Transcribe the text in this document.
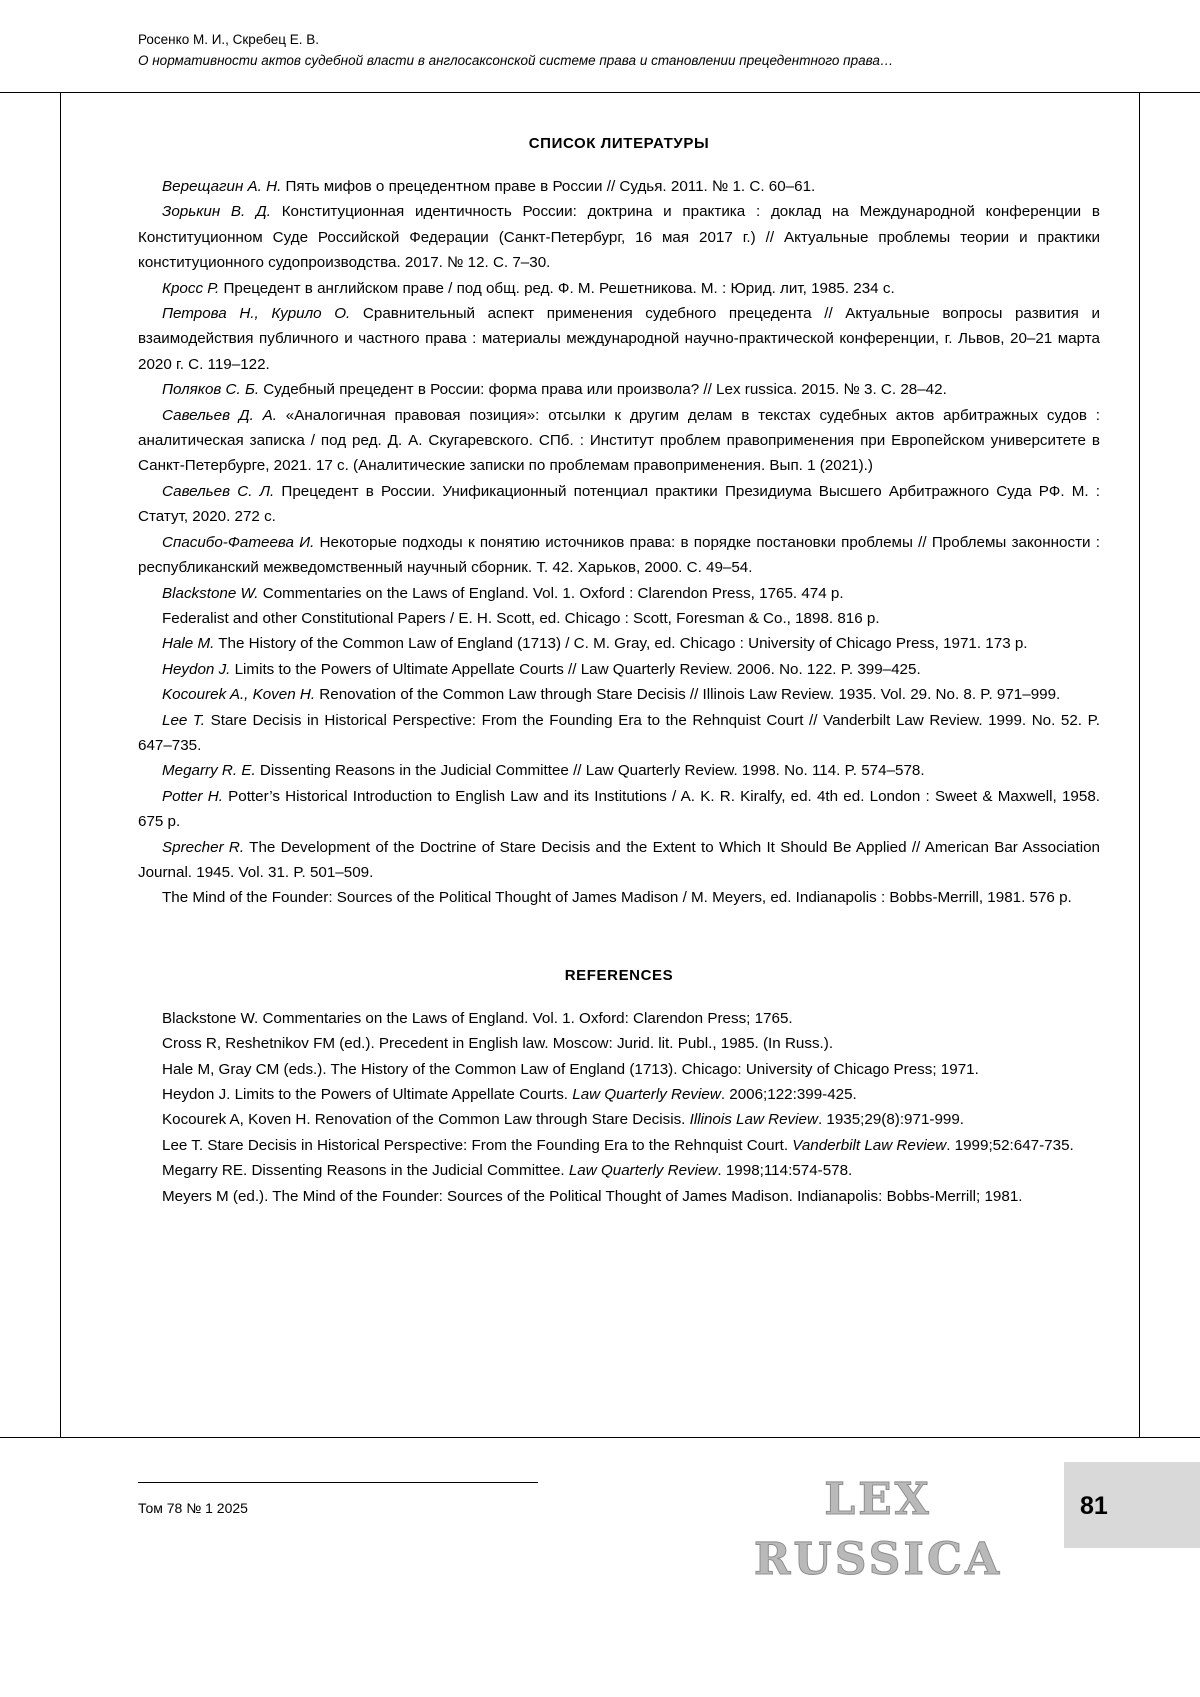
Росенко М. И., Скребец Е. В.
О нормативности актов судебной власти в англосаксонской системе права и становлении прецедентного права…
СПИСОК ЛИТЕРАТУРЫ

Верещагин А. Н. Пять мифов о прецедентном праве в России // Судья. 2011. № 1. С. 60–61.

Зорькин В. Д. Конституционная идентичность России: доктрина и практика : доклад на Международной конференции в Конституционном Суде Российской Федерации (Санкт-Петербург, 16 мая 2017 г.) // Актуальные проблемы теории и практики конституционного судопроизводства. 2017. № 12. С. 7–30.

Кросс Р. Прецедент в английском праве / под общ. ред. Ф. М. Решетникова. М. : Юрид. лит, 1985. 234 с.

Петрова Н., Курило О. Сравнительный аспект применения судебного прецедента // Актуальные вопросы развития и взаимодействия публичного и частного права : материалы международной научно-практической конференции, г. Львов, 20–21 марта 2020 г. С. 119–122.

Поляков С. Б. Судебный прецедент в России: форма права или произвола? // Lex russica. 2015. № 3. С. 28–42.

Савельев Д. А. «Аналогичная правовая позиция»: отсылки к другим делам в текстах судебных актов арбитражных судов : аналитическая записка / под ред. Д. А. Скугаревского. СПб. : Институт проблем правоприменения при Европейском университете в Санкт-Петербурге, 2021. 17 с. (Аналитические записки по проблемам правоприменения. Вып. 1 (2021).)

Савельев С. Л. Прецедент в России. Унификационный потенциал практики Президиума Высшего Арбитражного Суда РФ. М. : Статут, 2020. 272 с.

Спасибо-Фатеева И. Некоторые подходы к понятию источников права: в порядке постановки проблемы // Проблемы законности : республиканский межведомственный научный сборник. Т. 42. Харьков, 2000. С. 49–54.

Blackstone W. Commentaries on the Laws of England. Vol. 1. Oxford : Clarendon Press, 1765. 474 p.

Federalist and other Constitutional Papers / E. H. Scott, ed. Chicago : Scott, Foresman & Co., 1898. 816 p.

Hale M. The History of the Common Law of England (1713) / C. M. Gray, ed. Chicago : University of Chicago Press, 1971. 173 p.

Heydon J. Limits to the Powers of Ultimate Appellate Courts // Law Quarterly Review. 2006. No. 122. P. 399–425.

Kocourek A., Koven H. Renovation of the Common Law through Stare Decisis // Illinois Law Review. 1935. Vol. 29. No. 8. P. 971–999.

Lee T. Stare Decisis in Historical Perspective: From the Founding Era to the Rehnquist Court // Vanderbilt Law Review. 1999. No. 52. P. 647–735.

Megarry R. E. Dissenting Reasons in the Judicial Committee // Law Quarterly Review. 1998. No. 114. P. 574–578.

Potter H. Potter’s Historical Introduction to English Law and its Institutions / A. K. R. Kiralfy, ed. 4th ed. London : Sweet & Maxwell, 1958. 675 p.

Sprecher R. The Development of the Doctrine of Stare Decisis and the Extent to Which It Should Be Applied // American Bar Association Journal. 1945. Vol. 31. P. 501–509.

The Mind of the Founder: Sources of the Political Thought of James Madison / M. Meyers, ed. Indianapolis : Bobbs-Merrill, 1981. 576 p.

REFERENCES

Blackstone W. Commentaries on the Laws of England. Vol. 1. Oxford: Clarendon Press; 1765.

Cross R, Reshetnikov FM (ed.). Precedent in English law. Moscow: Jurid. lit. Publ., 1985. (In Russ.).

Hale M, Gray CM (eds.). The History of the Common Law of England (1713). Chicago: University of Chicago Press; 1971.

Heydon J. Limits to the Powers of Ultimate Appellate Courts. Law Quarterly Review. 2006;122:399-425.

Kocourek A, Koven H. Renovation of the Common Law through Stare Decisis. Illinois Law Review. 1935;29(8):971-999.

Lee T. Stare Decisis in Historical Perspective: From the Founding Era to the Rehnquist Court. Vanderbilt Law Review. 1999;52:647-735.

Megarry RE. Dissenting Reasons in the Judicial Committee. Law Quarterly Review. 1998;114:574-578.

Meyers M (ed.). The Mind of the Founder: Sources of the Political Thought of James Madison. Indianapolis: Bobbs-Merrill; 1981.

Том 78 № 1 2025	LEX RUSSICA
81
